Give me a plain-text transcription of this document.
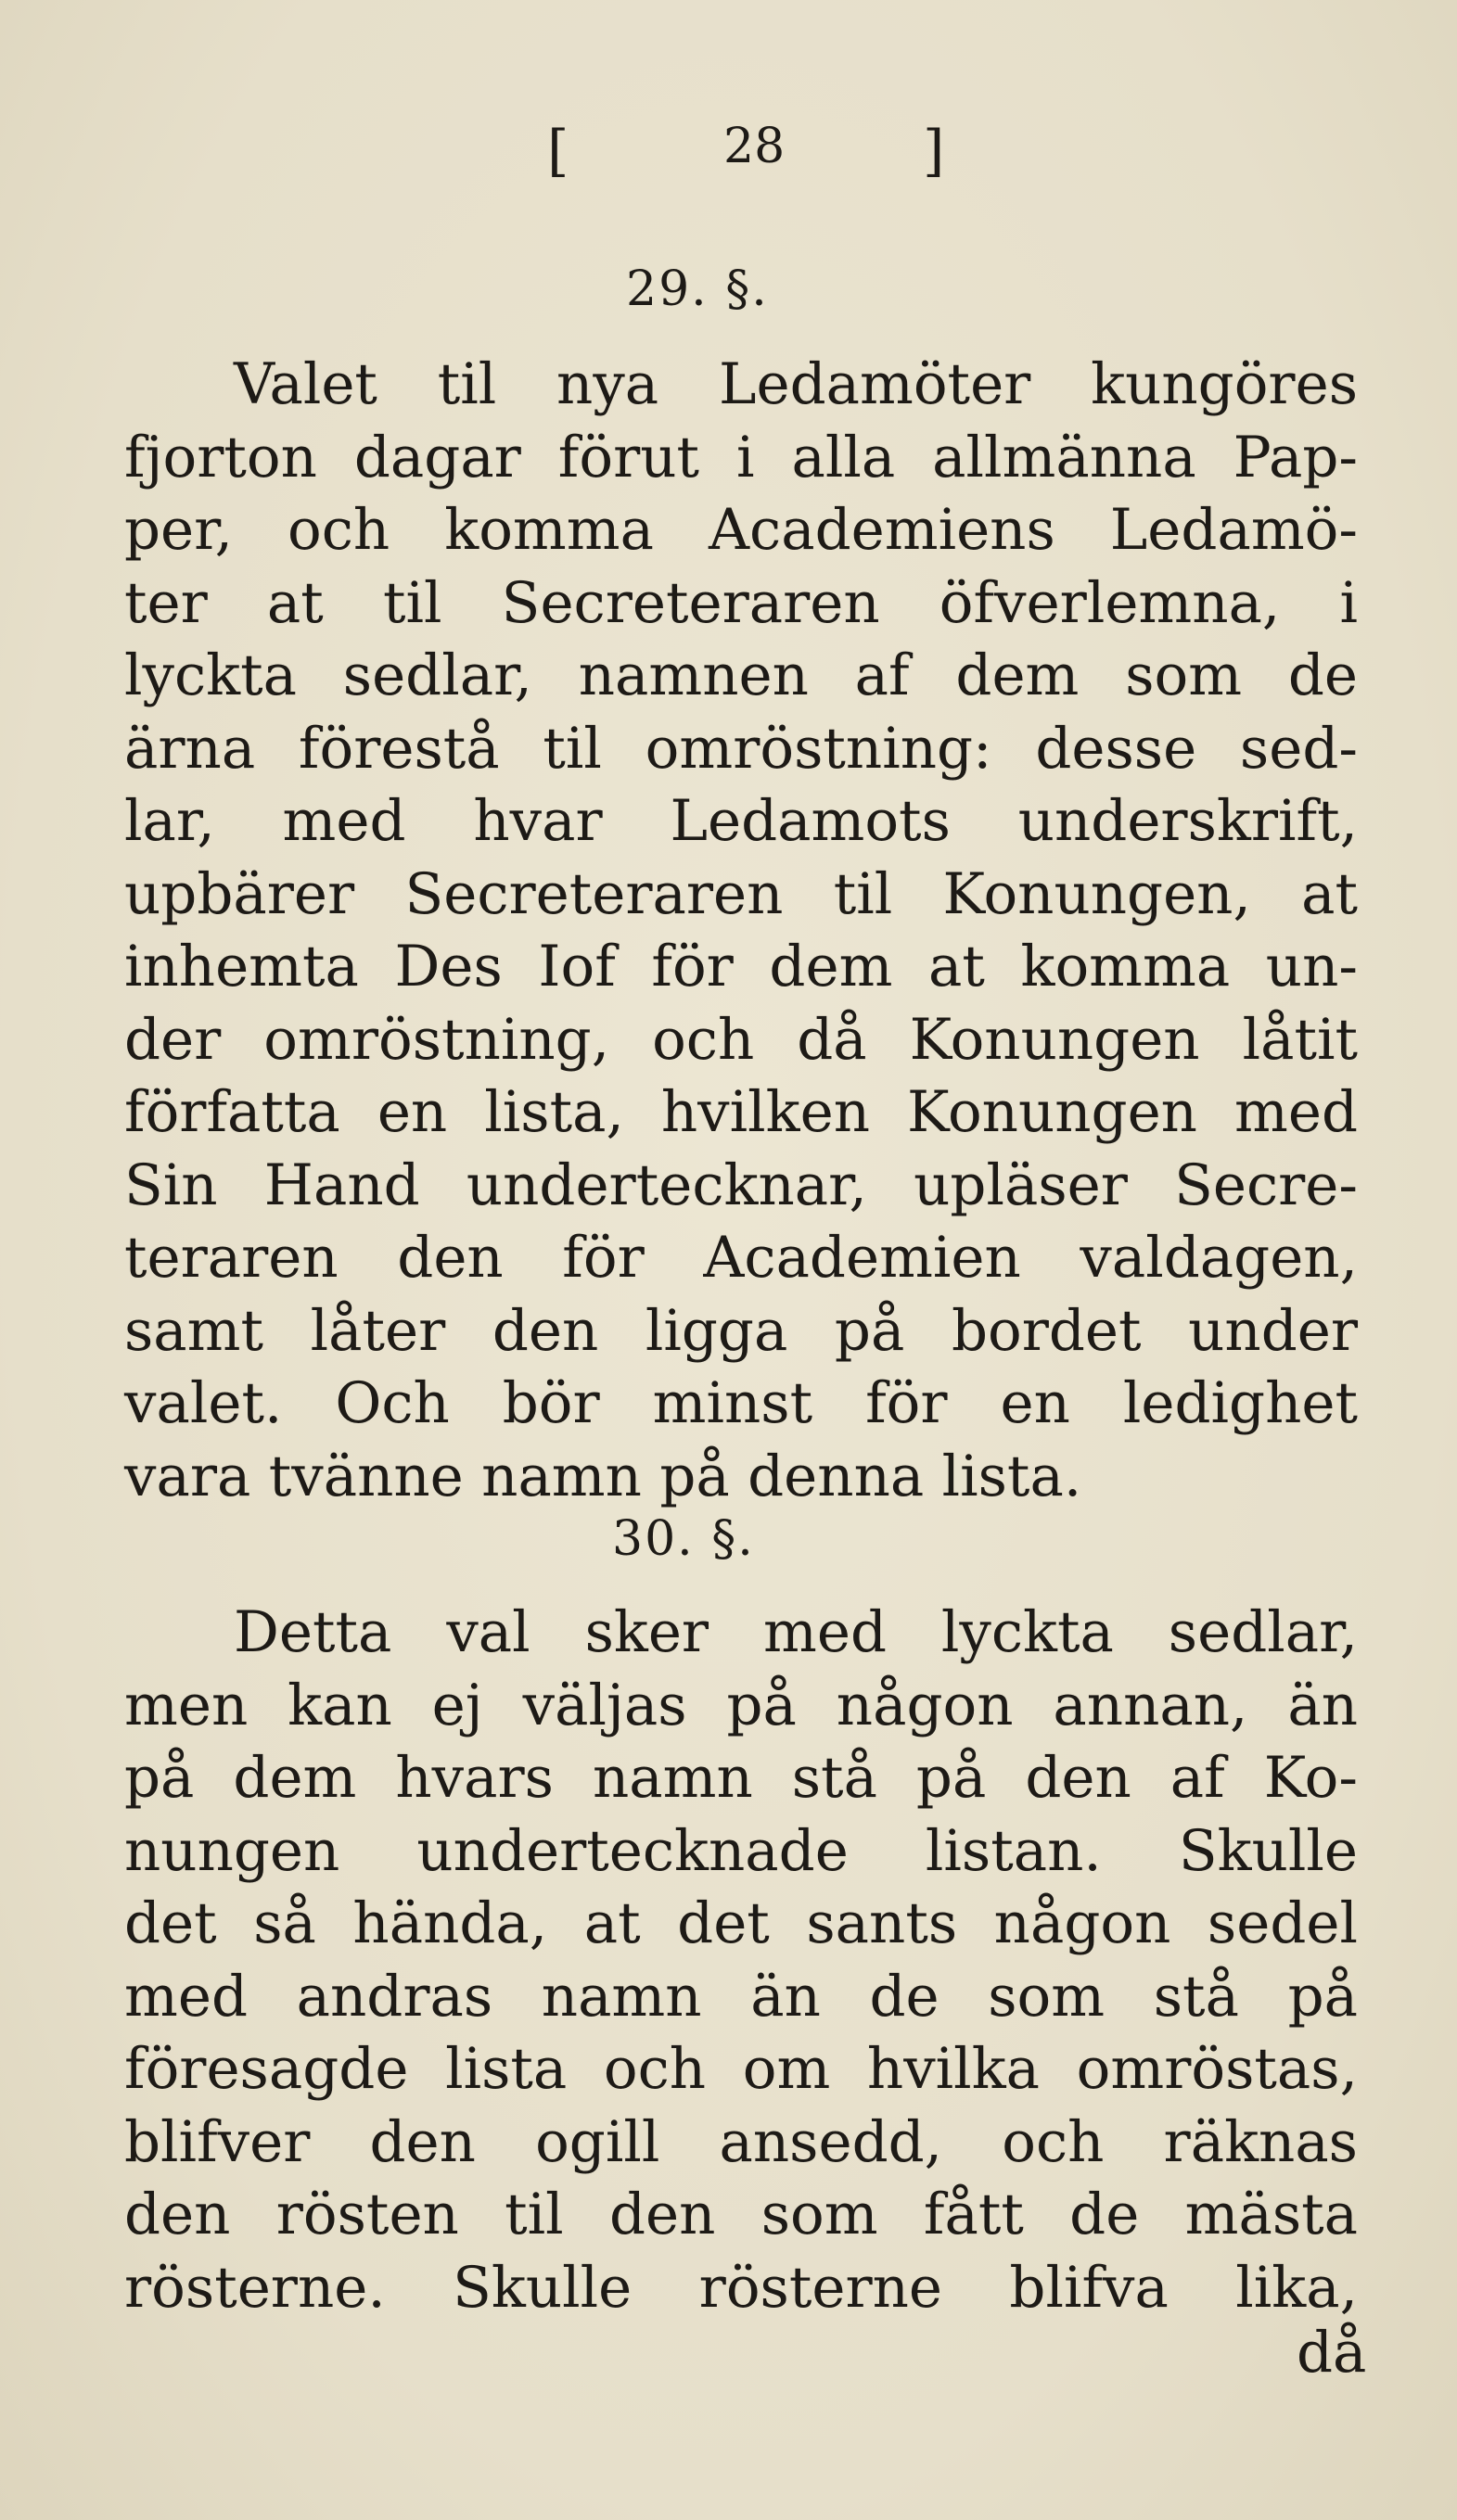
[	28 ]
29. §.
Valet til nya Ledamöter kungöres
fjorton dagar förut i alla allmänna Pap-
per, och komma Academiens Ledamö-
ter at til Secreteraren öfverlemna, i
lyckta sedlar, namnen af dem som de
ärna förestå til omröstning: desse sed-
lar, med hvar Ledamots underskrift,
upbärer Secreteraren til Konungen, at
inhemta Des Iof för dem at komma un-
der omröstning, och då Konungen låtit
författa en lista, hvilken Konungen med
Sin Hand undertecknar, upläser Secre-
teraren den för Academien valdagen,
samt låter den ligga på bordet under
valet. Och bör minst för en ledighet
vara tvänne namn på denna lista.
30. §.
Detta val sker med lyckta sedlar,
men kan ej väljas på någon annan, än
på dem hvars namn stå på den af Ko-
nungen undertecknade listan. Skulle
det så hända, at det sants någon sedel
med andras namn än de som stå på
föresagde lista och om hvilka omröstas,
blifver den ogill ansedd, och räknas
den rösten til den som fått de mästa
rösterne. Skulle rösterne blifva lika,
då
